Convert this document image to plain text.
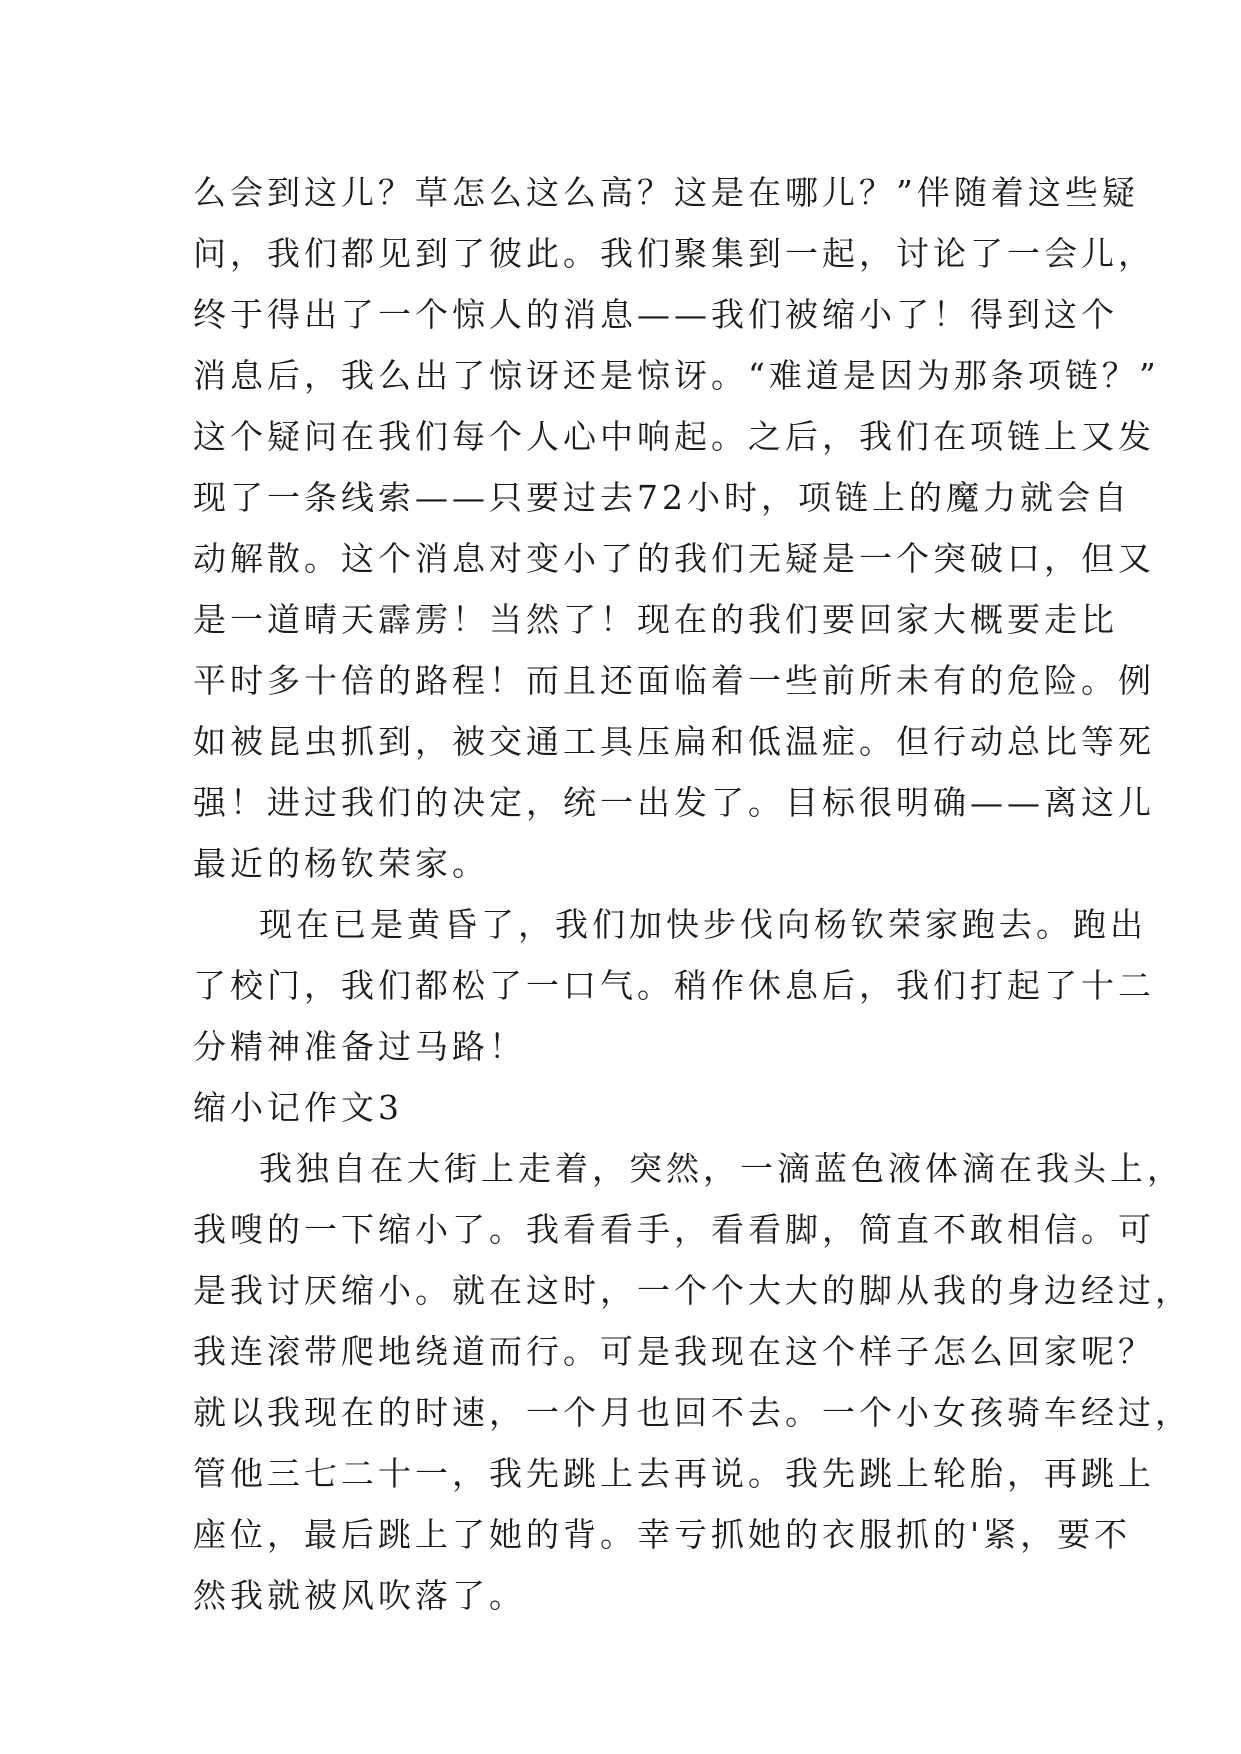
么会到这儿？草怎么这么高？这是在哪儿？”伴随着这些疑
问，我们都见到了彼此。我们聚集到一起，讨论了一会儿，
终于得出了一个惊人的消息——我们被缩小了！得到这个
消息后，我么出了惊讶还是惊讶。“难道是因为那条项链？”
这个疑问在我们每个人心中响起。之后，我们在项链上又发
现了一条线索——只要过去72小时，项链上的魔力就会自
动解散。这个消息对变小了的我们无疑是一个突破口，但又
是一道晴天霹雳！当然了！现在的我们要回家大概要走比
平时多十倍的路程！而且还面临着一些前所未有的危险。例
如被昆虫抓到，被交通工具压扁和低温症。但行动总比等死
强！进过我们的决定，统一出发了。目标很明确——离这儿
最近的杨钦荣家。
现在已是黄昏了，我们加快步伐向杨钦荣家跑去。跑出
了校门，我们都松了一口气。稍作休息后，我们打起了十二
分精神准备过马路！
缩小记作文3
我独自在大街上走着，突然，一滴蓝色液体滴在我头上，
我嗖的一下缩小了。我看看手，看看脚，简直不敢相信。可
是我讨厌缩小。就在这时，一个个大大的脚从我的身边经过，
我连滚带爬地绕道而行。可是我现在这个样子怎么回家呢？
就以我现在的时速，一个月也回不去。一个小女孩骑车经过，
管他三七二十一，我先跳上去再说。我先跳上轮胎，再跳上
座位，最后跳上了她的背。幸亏抓她的衣服抓的'紧，要不
然我就被风吹落了。
